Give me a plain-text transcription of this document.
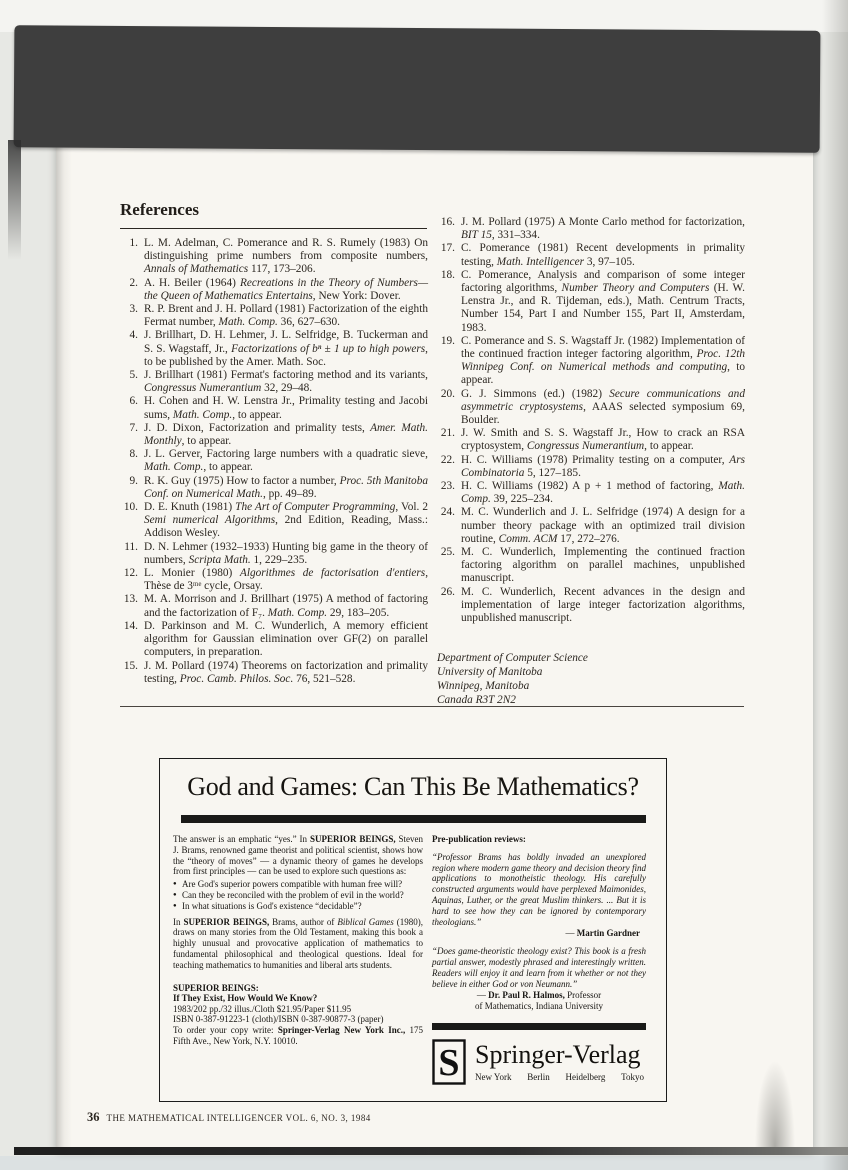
References
1. L. M. Adelman, C. Pomerance and R. S. Rumely (1983) On distinguishing prime numbers from composite numbers, Annals of Mathematics 117, 173–206.
2. A. H. Beiler (1964) Recreations in the Theory of Numbers—the Queen of Mathematics Entertains, New York: Dover.
3. R. P. Brent and J. H. Pollard (1981) Factorization of the eighth Fermat number, Math. Comp. 36, 627–630.
4. J. Brillhart, D. H. Lehmer, J. L. Selfridge, B. Tuckerman and S. S. Wagstaff, Jr., Factorizations of bⁿ ± 1 up to high powers, to be published by the Amer. Math. Soc.
5. J. Brillhart (1981) Fermat's factoring method and its variants, Congressus Numerantium 32, 29–48.
6. H. Cohen and H. W. Lenstra Jr., Primality testing and Jacobi sums, Math. Comp., to appear.
7. J. D. Dixon, Factorization and primality tests, Amer. Math. Monthly, to appear.
8. J. L. Gerver, Factoring large numbers with a quadratic sieve, Math. Comp., to appear.
9. R. K. Guy (1975) How to factor a number, Proc. 5th Manitoba Conf. on Numerical Math., pp. 49–89.
10. D. E. Knuth (1981) The Art of Computer Programming, Vol. 2 Semi numerical Algorithms, 2nd Edition, Reading, Mass.: Addison Wesley.
11. D. N. Lehmer (1932–1933) Hunting big game in the theory of numbers, Scripta Math. 1, 229–235.
12. L. Monier (1980) Algorithmes de factorisation d'entiers, Thèse de 3ᵐᵉ cycle, Orsay.
13. M. A. Morrison and J. Brillhart (1975) A method of factoring and the factorization of F₇. Math. Comp. 29, 183–205.
14. D. Parkinson and M. C. Wunderlich, A memory efficient algorithm for Gaussian elimination over GF(2) on parallel computers, in preparation.
15. J. M. Pollard (1974) Theorems on factorization and primality testing, Proc. Camb. Philos. Soc. 76, 521–528.
16. J. M. Pollard (1975) A Monte Carlo method for factorization, BIT 15, 331–334.
17. C. Pomerance (1981) Recent developments in primality testing, Math. Intelligencer 3, 97–105.
18. C. Pomerance, Analysis and comparison of some integer factoring algorithms, Number Theory and Computers (H. W. Lenstra Jr., and R. Tijdeman, eds.), Math. Centrum Tracts, Number 154, Part I and Number 155, Part II, Amsterdam, 1983.
19. C. Pomerance and S. S. Wagstaff Jr. (1982) Implementation of the continued fraction integer factoring algorithm, Proc. 12th Winnipeg Conf. on Numerical methods and computing, to appear.
20. G. J. Simmons (ed.) (1982) Secure communications and asymmetric cryptosystems, AAAS selected symposium 69, Boulder.
21. J. W. Smith and S. S. Wagstaff Jr., How to crack an RSA cryptosystem, Congressus Numerantium, to appear.
22. H. C. Williams (1978) Primality testing on a computer, Ars Combinatoria 5, 127–185.
23. H. C. Williams (1982) A p + 1 method of factoring, Math. Comp. 39, 225–234.
24. M. C. Wunderlich and J. L. Selfridge (1974) A design for a number theory package with an optimized trail division routine, Comm. ACM 17, 272–276.
25. M. C. Wunderlich, Implementing the continued fraction factoring algorithm on parallel machines, unpublished manuscript.
26. M. C. Wunderlich, Recent advances in the design and implementation of large integer factorization algorithms, unpublished manuscript.
Department of Computer Science
University of Manitoba
Winnipeg, Manitoba
Canada R3T 2N2
God and Games: Can This Be Mathematics?

The answer is an emphatic “yes.” In SUPERIOR BEINGS, Steven J. Brams, renowned game theorist and political scientist, shows how the “theory of moves” — a dynamic theory of games he develops from first principles — can be used to explore such questions as:

● Are God's superior powers compatible with human free will?
● Can they be reconciled with the problem of evil in the world?
● In what situations is God's existence “decidable”?

In SUPERIOR BEINGS, Brams, author of Biblical Games (1980), draws on many stories from the Old Testament, making this book a highly unusual and provocative application of mathematics to fundamental philosophical and theological questions. Ideal for teaching mathematics to humanities and liberal arts students.

SUPERIOR BEINGS:
If They Exist, How Would We Know?
1983/202 pp./32 illus./Cloth $21.95/Paper $11.95
ISBN 0-387-91223-1 (cloth)/ISBN 0-387-90877-3 (paper)

To order your copy write: Springer-Verlag New York Inc., 175 Fifth Ave., New York, N.Y. 10010.

Pre-publication reviews:

“Professor Brams has boldly invaded an unexplored region where modern game theory and decision theory find applications to monotheistic theology. His carefully constructed arguments would have perplexed Maimonides, Aquinas, Luther, or the great Muslim thinkers. ... But it is hard to see how they can be ignored by contemporary theologians.”

— Martin Gardner

“Does game-theoristic theology exist? This book is a fresh partial answer, modestly phrased and interestingly written. Readers will enjoy it and learn from it whether or not they believe in either God or von Neumann.”

— Dr. Paul R. Halmos, Professor
of Mathematics, Indiana University

S Springer-Verlag
New York Berlin Heidelberg Tokyo
36 THE MATHEMATICAL INTELLIGENCER VOL. 6, NO. 3, 1984
